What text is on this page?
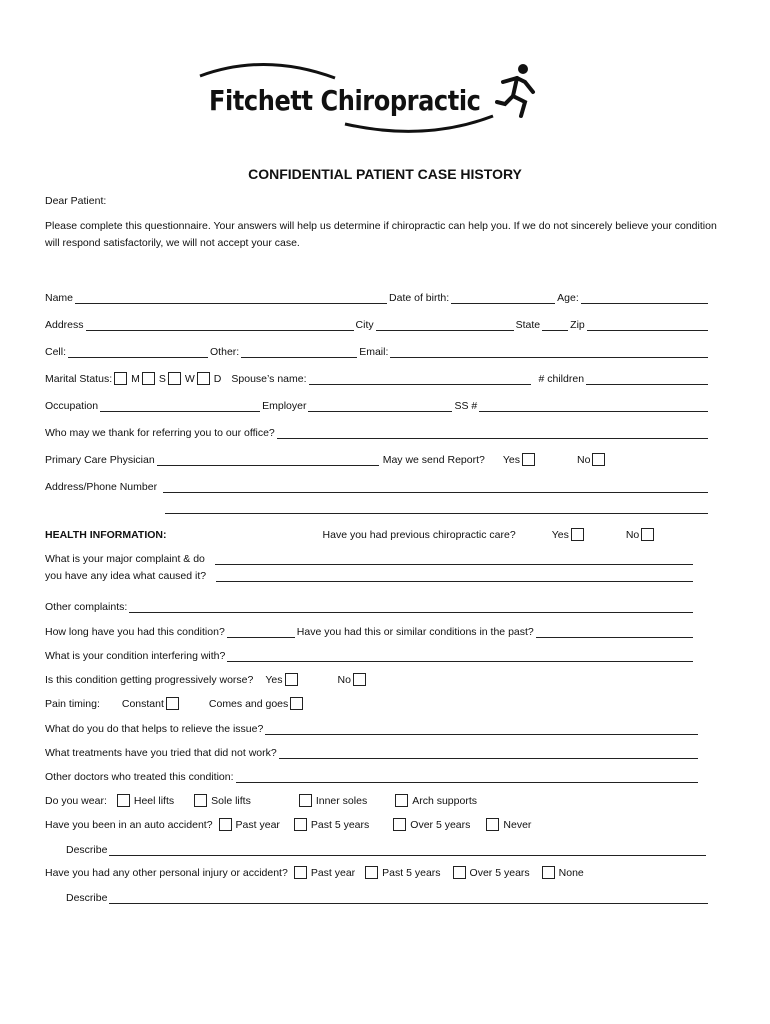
Fitchett Chiropractic
CONFIDENTIAL PATIENT CASE HISTORY
Dear Patient:
Please complete this questionnaire. Your answers will help us determine if chiropractic can help you. If we do not sincerely believe your condition will respond satisfactorily, we will not accept your case.
Name	Date of birth:	Age:
Address	City	State	Zip
Cell:	Other:	Email:
Marital Status: M S W D Spouse’s name:	# children
Occupation	Employer	SS #
Who may we thank for referring you to our office?
Primary Care Physician	May we send Report? Yes	No
Address/Phone Number
HEALTH INFORMATION:	Have you had previous chiropractic care?	Yes	No
What is your major complaint & do
you have any idea what caused it?
Other complaints:
How long have you had this condition?	Have you had this or similar conditions in the past?
What is your condition interfering with?
Is this condition getting progressively worse? Yes	No
Pain timing: Constant	Comes and goes
What do you do that helps to relieve the issue?
What treatments have you tried that did not work?
Other doctors who treated this condition:
Do you wear:	Heel lifts	Sole lifts	Inner soles	Arch supports
Have you been in an auto accident? Past year	Past 5 years	Over 5 years	Never
Describe
Have you had any other personal injury or accident? Past year	Past 5 years	Over 5 years	None
Describe
